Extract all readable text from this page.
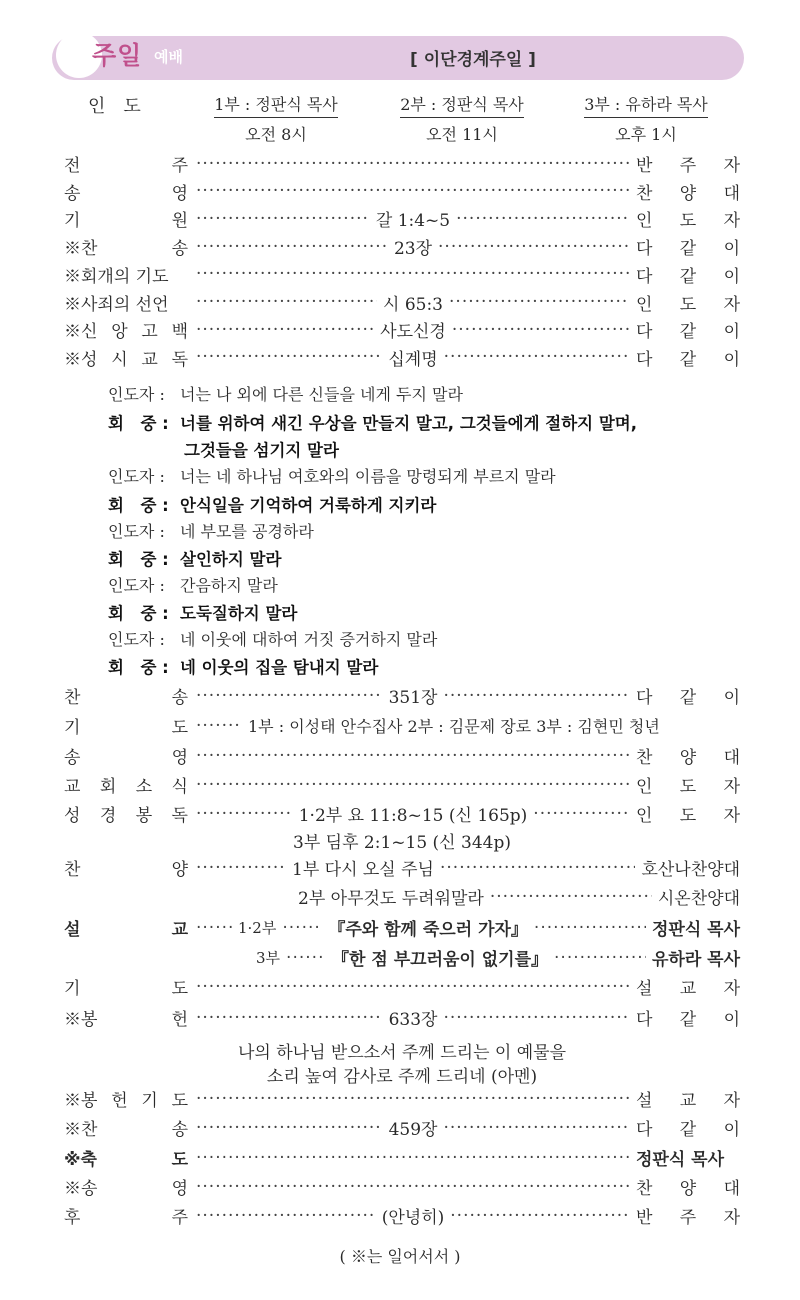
[ 이단경계주일 ]
주일 예배
인　도	1부 : 정판식 목사
오전 8시
2부 : 정판식 목사
오전 11시
3부 : 유하라 목사
오후 1시
전	주 ·····	반 주 자
송	영 ·····	찬 양 대
기	원 ·····	갈 1:4~5 ·····	인 도 자
※찬	송 ·····	23장 ·····	다 같 이
※회개의 기도 ·····	다 같 이
※사죄의 선언 ·····	시 65:3 ·····	인 도 자
※신 앙 고 백 ·····	사도신경 ·····	다 같 이
※성 시 교 독 ·····	십계명 ·····	다 같 이
인도자 : 너는 나 외에 다른 신들을 네게 두지 말라
회　중 : 너를 위하여 새긴 우상을 만들지 말고, 그것들에게 절하지 말며,
그것들을 섬기지 말라
인도자 : 너는 네 하나님 여호와의 이름을 망령되게 부르지 말라
회　중 : 안식일을 기억하여 거룩하게 지키라
인도자 : 네 부모를 공경하라
회　중 : 살인하지 말라
인도자 : 간음하지 말라
회　중 : 도둑질하지 말라
인도자 : 네 이웃에 대하여 거짓 증거하지 말라
회　중 : 네 이웃의 집을 탐내지 말라
찬	송 ·····	351장 ·····	다 같 이
기	도 ·····	1부 : 이성태 안수집사 2부 : 김문제 장로 3부 : 김현민 청년
송	영 ·····	찬 양 대
교 회 소 식 ·····	인 도 자
성 경 봉 독 ·····	1·2부 요 11:8~15 (신 165p) ·····	인 도 자
3부 딤후 2:1~15 (신 344p)
찬	양 ·····	1부 다시 오실 주님 ·····	호산나찬양대
2부 아무것도 두려워말라 ·····	시온찬양대
설	교 ·····	1·2부 ·····	『주와 함께 죽으러 가자』 ·····	정판식 목사
3부 ·····	『한 점 부끄러움이 없기를』 ·····	유하라 목사
기	도 ·····	설 교 자
※봉	헌 ·····	633장 ·····	다 같 이
나의 하나님 받으소서 주께 드리는 이 예물을
소리 높여 감사로 주께 드리네 (아멘)
※봉 헌 기 도 ·····	설 교 자
※찬	송 ·····	459장 ·····	다 같 이
※축	도 ·····	정판식 목사
※송	영 ·····	찬 양 대
후	주 ·····	(안녕히) ·····	반 주 자
( ※는 일어서서 )
